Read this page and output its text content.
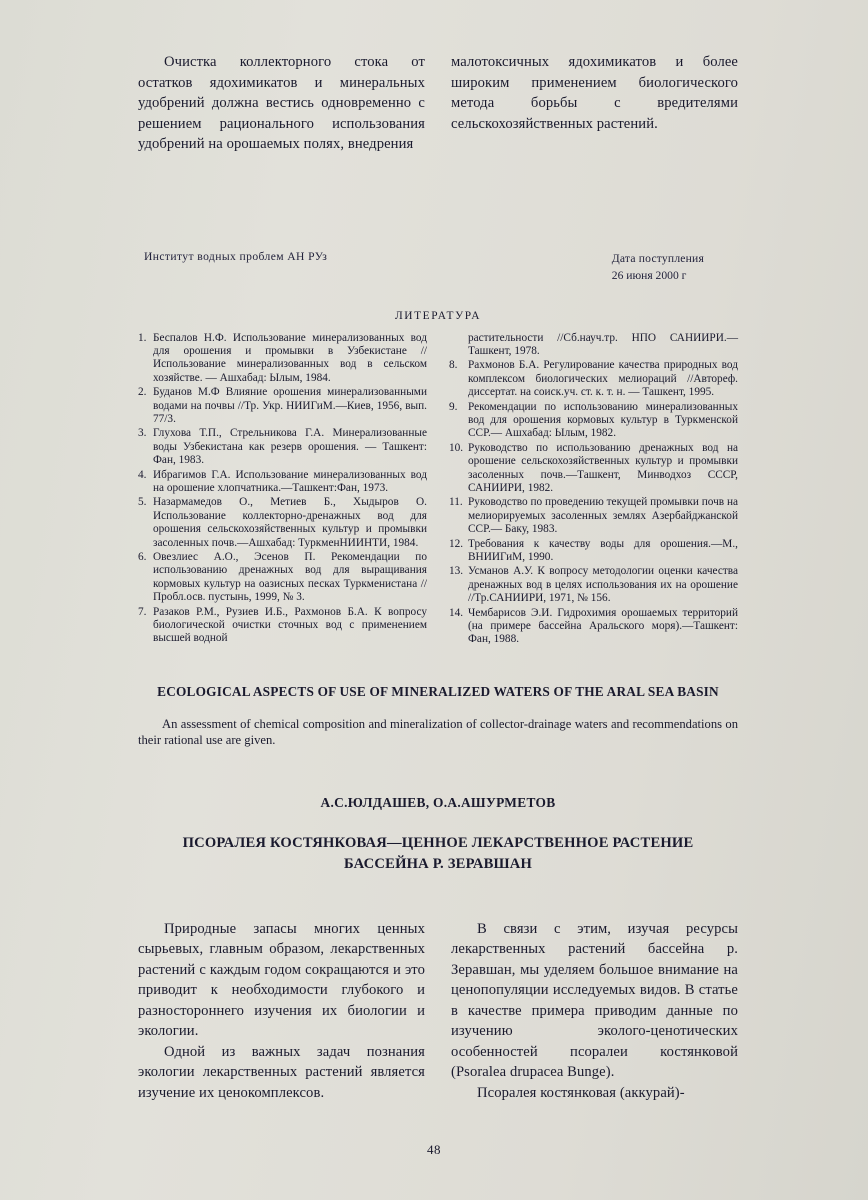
Очистка коллекторного стока от остатков ядохимикатов и минеральных удобрений должна вестись одновременно с решением рационального использования удобрений на орошаемых полях, внедрения

малотоксичных ядохимикатов и более широким применением биологического метода борьбы с вредителями сельскохозяйственных растений.

Институт водных проблем АН РУз	Дата поступления
26 июня 2000 г
ЛИТЕРАТУРА
1. Беспалов Н.Ф. Использование минерализованных вод для орошения и промывки в Узбекистане //Использование минерализованных вод в сельском хозяйстве. — Ашхабад: Ылым, 1984.
2. Буданов М.Ф Влияние орошения минерализованными водами на почвы //Тр. Укр. НИИГиМ.—Киев, 1956, вып. 77/3.
3. Глухова Т.П., Стрельникова Г.А. Минерализованные воды Узбекистана как резерв орошения. — Ташкент: Фан, 1983.
4. Ибрагимов Г.А. Использование минерализованных вод на орошение хлопчатника.—Ташкент:Фан, 1973.
5. Назармамедов О., Метиев Б., Хыдыров О. Использование коллекторно-дренажных вод для орошения сельскохозяйственных культур и промывки засоленных почв.—Ашхабад: ТуркменНИИНТИ, 1984.
6. Овезлиес А.О., Эсенов П. Рекомендации по использованию дренажных вод для выращивания кормовых культур на оазисных песках Туркменистана //Пробл.осв. пустынь, 1999, № 3.
7. Разаков Р.М., Рузиев И.Б., Рахмонов Б.А. К вопросу биологической очистки сточных вод с применением высшей водной
растительности //Сб.науч.тр. НПО САНИИРИ.—Ташкент, 1978.
8. Рахмонов Б.А. Регулирование качества природных вод комплексом биологических мелиораций //Автореф. диссертат. на соиск.уч. ст. к. т. н. — Ташкент, 1995.
9. Рекомендации по использованию минерализованных вод для орошения кормовых культур в Туркменской ССР.— Ашхабад: Ылым, 1982.
10. Руководство по использованию дренажных вод на орошение сельскохозяйственных культур и промывки засоленных почв.—Ташкент, Минводхоз СССР, САНИИРИ, 1982.
11. Руководство по проведению текущей промывки почв на мелиорируемых засоленных землях Азербайджанской ССР.— Баку, 1983.
12. Требования к качеству воды для орошения.—М., ВНИИГиМ, 1990.
13. Усманов А.У. К вопросу методологии оценки качества дренажных вод в целях использования их на орошение //Тр.САНИИРИ, 1971, № 156.
14. Чембарисов Э.И. Гидрохимия орошаемых территорий (на примере бассейна Аральского моря).—Ташкент: Фан, 1988.
ECOLOGICAL ASPECTS OF USE OF MINERALIZED WATERS OF THE ARAL SEA BASIN

An assessment of chemical composition and mineralization of collector-drainage waters and recommendations on their rational use are given.

А.С.ЮЛДАШЕВ, О.А.АШУРМЕТОВ
ПСОРАЛЕЯ КОСТЯНКОВАЯ—ЦЕННОЕ ЛЕКАРСТВЕННОЕ РАСТЕНИЕ
БАССЕЙНА Р. ЗЕРАВШАН

Природные запасы многих ценных сырьевых, главным образом, лекарственных растений с каждым годом сокращаются и это приводит к необходимости глубокого и разностороннего изучения их биологии и экологии.

Одной из важных задач познания экологии лекарственных растений является изучение их ценокомплексов.

В связи с этим, изучая ресурсы лекарственных растений бассейна р. Зеравшан, мы уделяем большое внимание на ценопопуляции исследуемых видов. В статье в качестве примера приводим данные по изучению эколого-ценотических особенностей псоралеи костянковой (Psoralea drupacea Bunge).

Псоралея костянковая (аккурай)-

48
